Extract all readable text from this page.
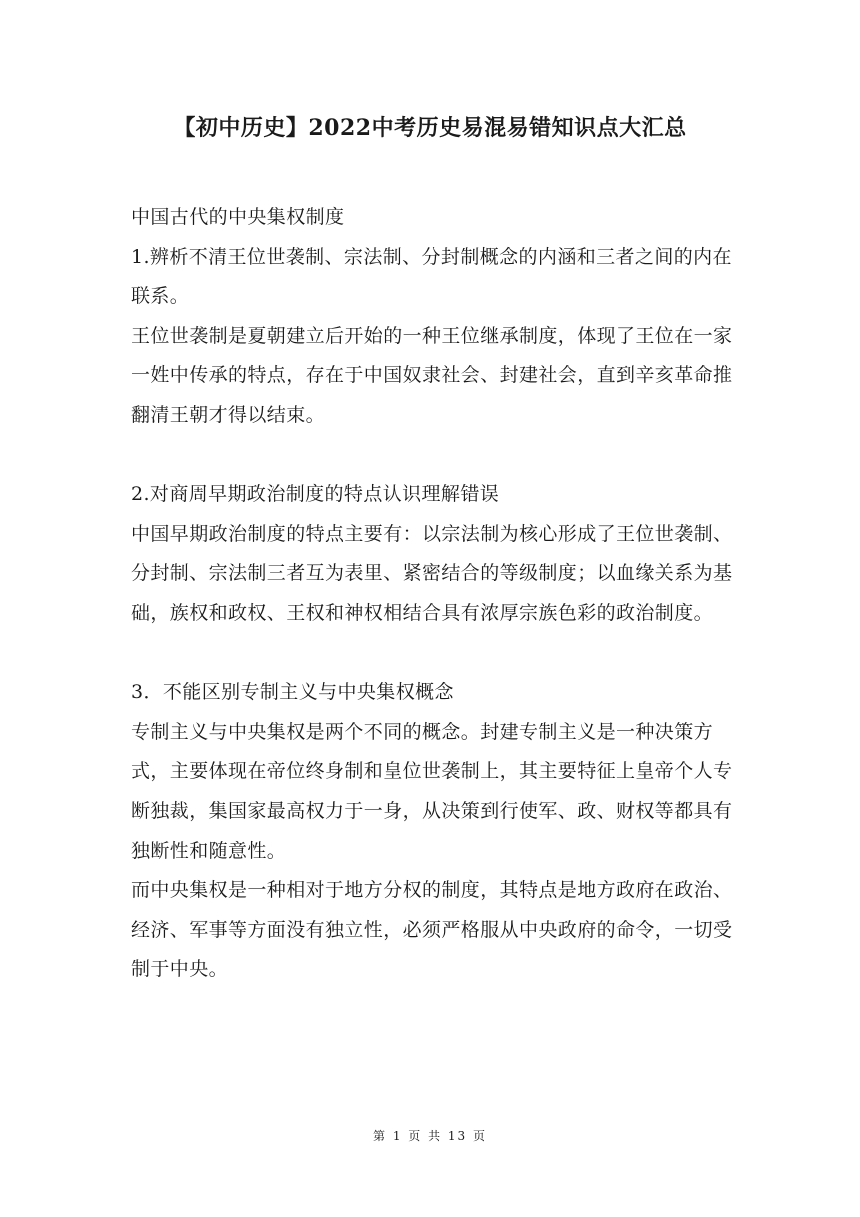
【初中历史】2022中考历史易混易错知识点大汇总

中国古代的中央集权制度

1.辨析不清王位世袭制、宗法制、分封制概念的内涵和三者之间的内在联系。

王位世袭制是夏朝建立后开始的一种王位继承制度，体现了王位在一家一姓中传承的特点，存在于中国奴隶社会、封建社会，直到辛亥革命推翻清王朝才得以结束。

2.对商周早期政治制度的特点认识理解错误

中国早期政治制度的特点主要有：以宗法制为核心形成了王位世袭制、分封制、宗法制三者互为表里、紧密结合的等级制度；以血缘关系为基础，族权和政权、王权和神权相结合具有浓厚宗族色彩的政治制度。

3．不能区别专制主义与中央集权概念

专制主义与中央集权是两个不同的概念。封建专制主义是一种决策方式，主要体现在帝位终身制和皇位世袭制上，其主要特征上皇帝个人专断独裁，集国家最高权力于一身，从决策到行使军、政、财权等都具有独断性和随意性。

而中央集权是一种相对于地方分权的制度，其特点是地方政府在政治、经济、军事等方面没有独立性，必须严格服从中央政府的命令，一切受制于中央。

第 1 页 共 13 页
